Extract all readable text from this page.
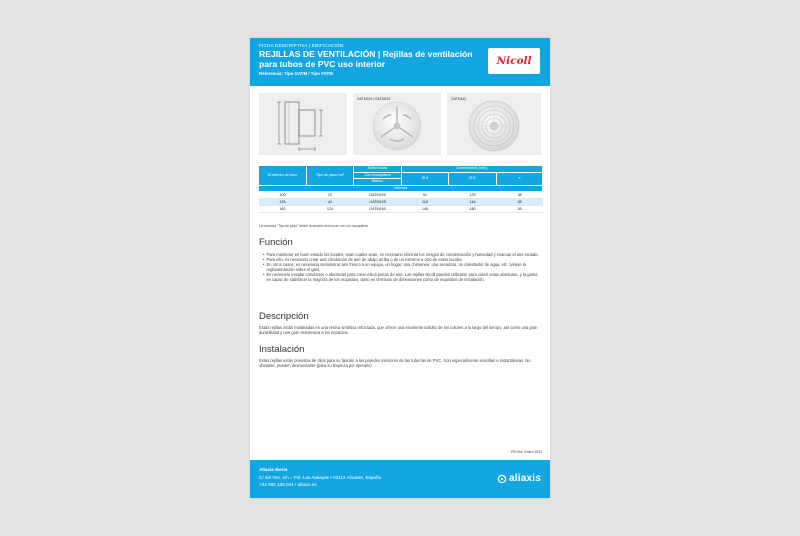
FICHA DESCRIPTIVA | EDIFICACIÓN
REJILLAS DE VENTILACIÓN | Rejillas de ventilación para tubos de PVC uso interior
Referencia: Tipo GATM / Tipo FATM
Nicoll
GATM100 / GATM125	GATM160
Ø exterior de tubo	Tipo de paso cm²	Referencias	Dimensiones (mm)		
		Con mosquitera	Ø d	Ø D	e
		Blanco			
Internas					
100	23	GATM100	91	125	38
125	42	GATM125	110	144	38
160	124	GATM160	146	180	38
La columna "Tipo de paso" define la sección teórica en cm² sin mosquitera.
Función
• Para mantener en buen estado los locales, sean cuales sean, es necesario eliminar los riesgos de condensación y humedad y evacuar el aire viciado.
• Para ello, es necesario crear una circulación de aire de abajo arriba o de un extremo a otro de estos locales.
• En otros casos, es necesario suministrar aire fresco a un equipo, un hogar, una chimenea, una secadora, un calentador de agua, etc. (véase la reglamentación sobre el gas).
• Es necesario instalar conductos o aberturas para crear estos pasos de aire. Las rejillas Nicoll pueden utilizarse para cubrir estas aberturas, y la gama es capaz de satisfacer la mayoría de los requisitos, tanto en términos de dimensiones como de requisitos de instalación.
Descripción
Estas rejillas están moldeadas en una resina sintética reforzada, que ofrece una excelente solidez de los colores a lo largo del tiempo, así como una gran durabilidad y una gran resistencia a los impactos.
Instalación
Estas rejillas están provistas de clips para su fijación a las paredes interiores de las tuberías de PVC. Son especialmente sencillas e instantáneas. No obstante, pueden desmontarse (para su limpieza por ejemplo).
FECHA: Enero 2024
Aliaxis Iberia
C/ del Yen, s/n – Pol. Las Atalayas • 03114 Alicante, España
+34 965 109 044 • aliaxis.es
aliaxis
